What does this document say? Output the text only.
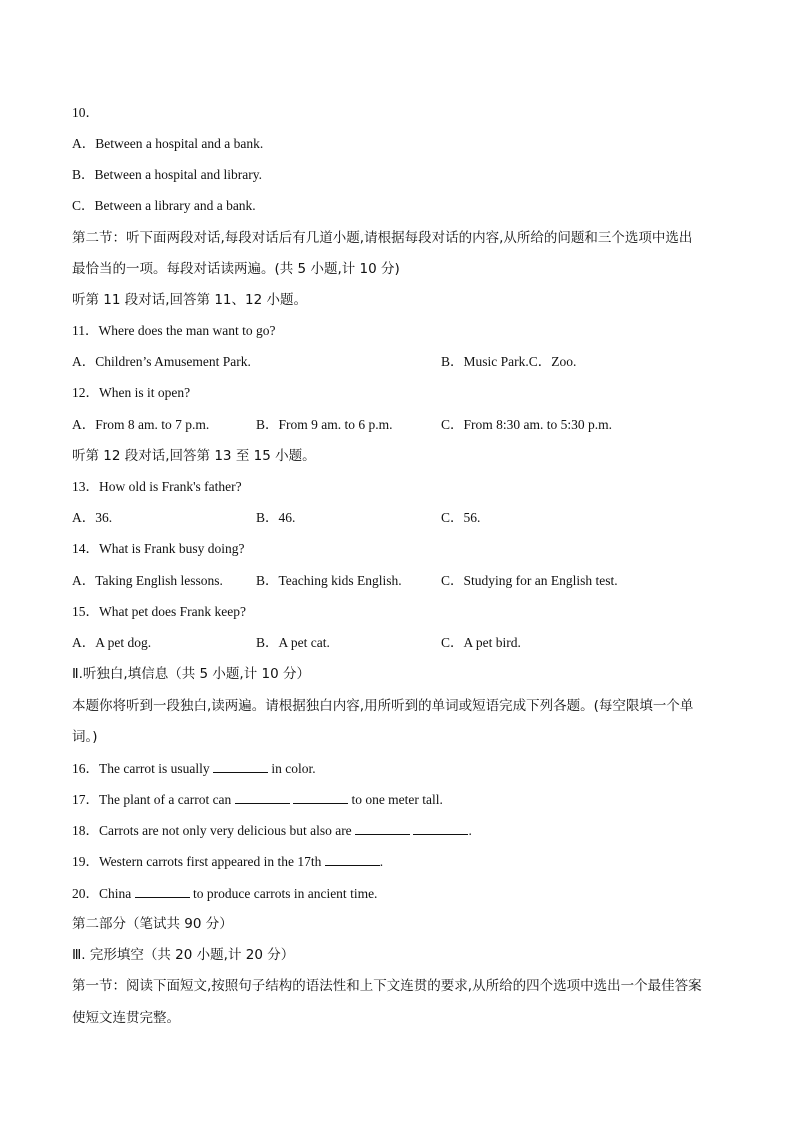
10．
A．Between a hospital and a bank.
B．Between a hospital and library.
C．Between a library and a bank.
第二节：听下面两段对话,每段对话后有几道小题,请根据每段对话的内容,从所给的问题和三个选项中选出
最恰当的一项。每段对话读两遍。(共 5 小题,计 10 分)
听第 11 段对话,回答第 11、12 小题。
11．Where does the man want to go?
A．Children’s Amusement Park.	B．Music Park.C．Zoo.
12．When is it open?
A．From 8 am. to 7 p.m.	B．From 9 am. to 6 p.m.	C．From 8:30 am. to 5:30 p.m.
听第 12 段对话,回答第 13 至 15 小题。
13．How old is Frank's father?
A．36.	B．46.	C．56.
14．What is Frank busy doing?
A．Taking English lessons. B．Teaching kids English.	C．Studying for an English test.
15．What pet does Frank keep?
A．A pet dog.	B．A pet cat.	C．A pet bird.
Ⅱ.听独白,填信息（共 5 小题,计 10 分）
本题你将听到一段独白,读两遍。请根据独白内容,用所听到的单词或短语完成下列各题。(每空限填一个单
词。)
16．The carrot is usually	in color.
17．The plant of a carrot can	to one meter tall.
18．Carrots are not only very delicious but also are	.
19．Western carrots first appeared in the 17th	.
20．China	to produce carrots in ancient time.
第二部分（笔试共 90 分）
Ⅲ. 完形填空（共 20 小题,计 20 分）
第一节：阅读下面短文,按照句子结构的语法性和上下文连贯的要求,从所给的四个选项中选出一个最佳答案
使短文连贯完整。
